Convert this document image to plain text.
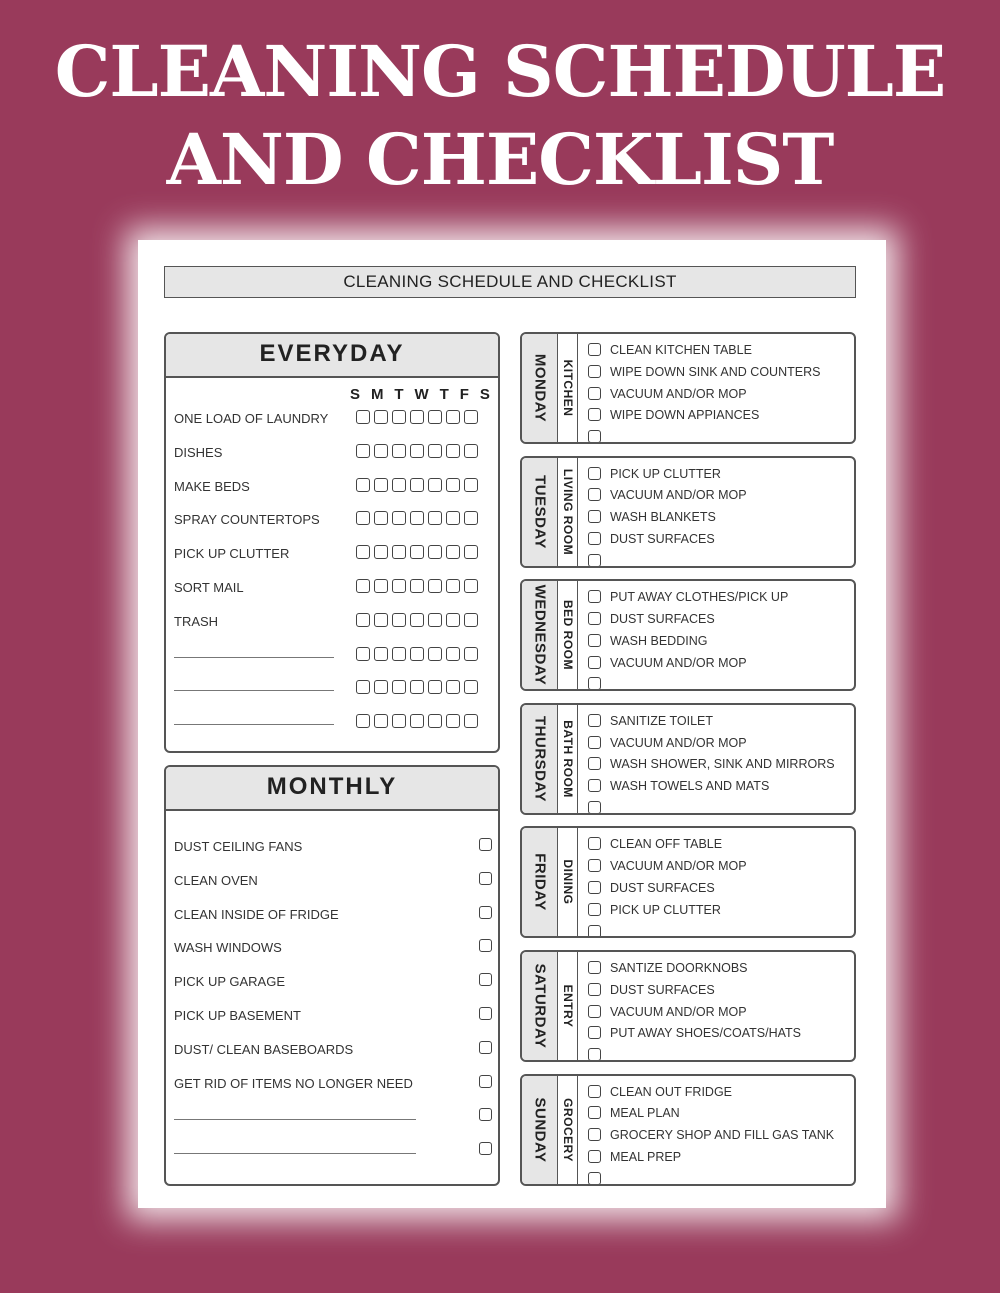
CLEANING SCHEDULE
AND CHECKLIST
CLEANING SCHEDULE AND CHECKLIST
EVERYDAY
S M T W T F S
ONE LOAD OF LAUNDRY
DISHES
MAKE BEDS
SPRAY COUNTERTOPS
PICK UP CLUTTER
SORT MAIL
TRASH
MONTHLY
DUST CEILING FANS
CLEAN OVEN
CLEAN INSIDE OF FRIDGE
WASH WINDOWS
PICK UP GARAGE
PICK UP BASEMENT
DUST/ CLEAN BASEBOARDS
GET RID OF ITEMS NO LONGER NEED
MONDAY KITCHEN
CLEAN KITCHEN TABLE
WIPE DOWN SINK AND COUNTERS
VACUUM AND/OR MOP
WIPE DOWN APPIANCES
TUESDAY LIVING ROOM	PICK UP CLUTTER
VACUUM AND/OR MOP
WASH BLANKETS
DUST SURFACES
WEDNESDAY BED ROOM
PUT AWAY CLOTHES/PICK UP
DUST SURFACES
WASH BEDDING
VACUUM AND/OR MOP
THURSDAY BATH ROOM	SANITIZE TOILET
VACUUM AND/OR MOP
WASH SHOWER, SINK AND MIRRORS
WASH TOWELS AND MATS
FRIDAY DINING
CLEAN OFF TABLE
VACUUM AND/OR MOP
DUST SURFACES
PICK UP CLUTTER
SATURDAY ENTRY
SANTIZE DOORKNOBS
DUST SURFACES
VACUUM AND/OR MOP
PUT AWAY SHOES/COATS/HATS
SUNDAY GROCERY
CLEAN OUT FRIDGE
MEAL PLAN
GROCERY SHOP AND FILL GAS TANK
MEAL PREP
